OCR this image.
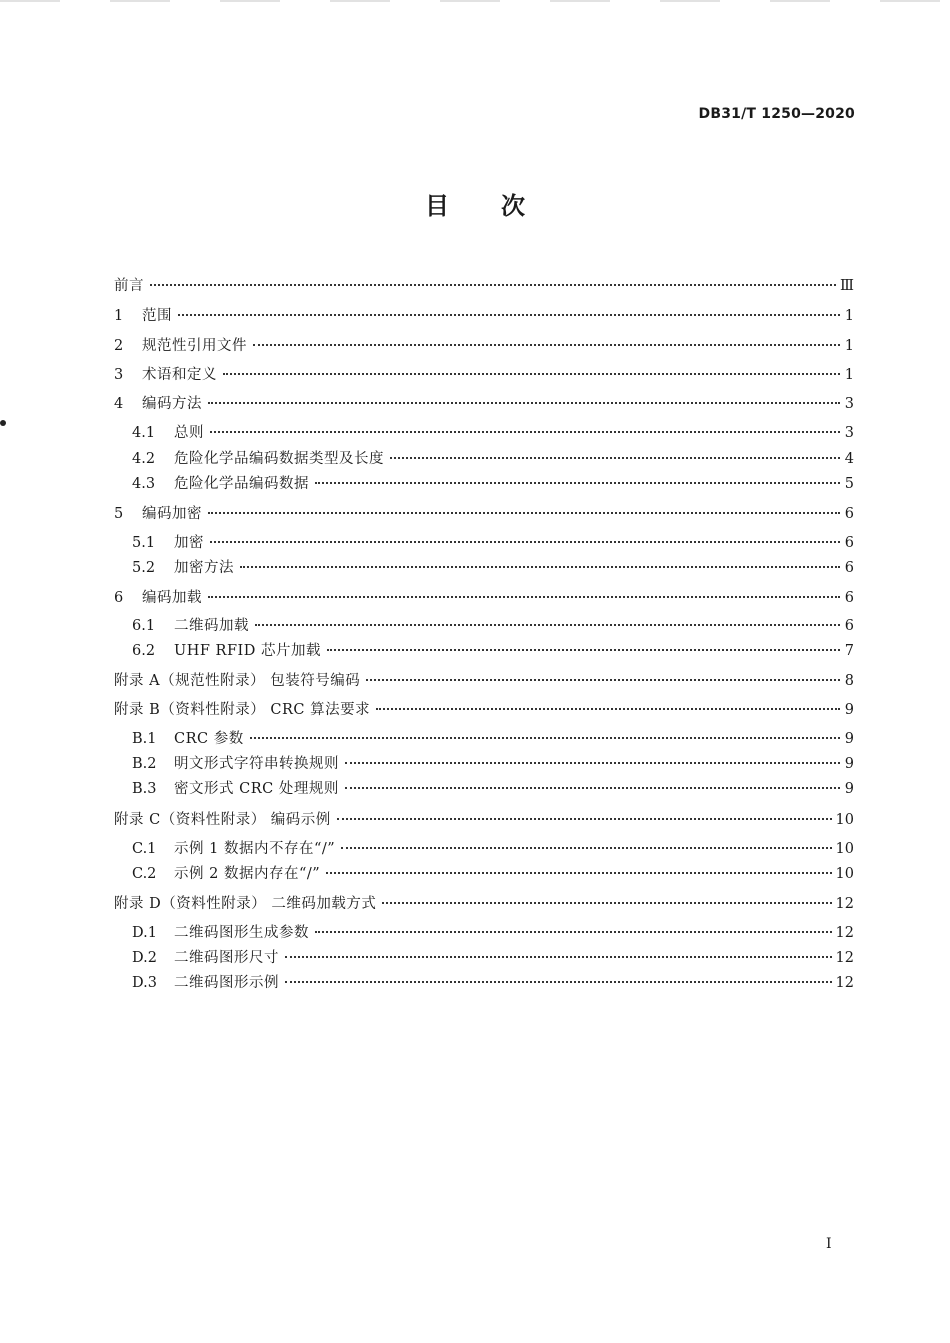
DB31/T 1250—2020
目次
前言	Ⅲ
1	范围	1
2	规范性引用文件	1
3	术语和定义	1
4	编码方法	3
4.1	总则	3
4.2	危险化学品编码数据类型及长度	4
4.3	危险化学品编码数据	5
5	编码加密	6
5.1	加密	6
5.2	加密方法	6
6	编码加载	6
6.1	二维码加载	6
6.2	UHF RFID 芯片加载	7
附录 A（规范性附录） 包装符号编码	8
附录 B（资料性附录） CRC 算法要求	9
B.1	CRC 参数	9
B.2	明文形式字符串转换规则	9
B.3	密文形式 CRC 处理规则	9
附录 C（资料性附录） 编码示例	10
C.1	示例 1 数据内不存在“/”	10
C.2	示例 2 数据内存在“/”	10
附录 D（资料性附录） 二维码加载方式	12
D.1	二维码图形生成参数	12
D.2	二维码图形尺寸	12
D.3	二维码图形示例	12
I
